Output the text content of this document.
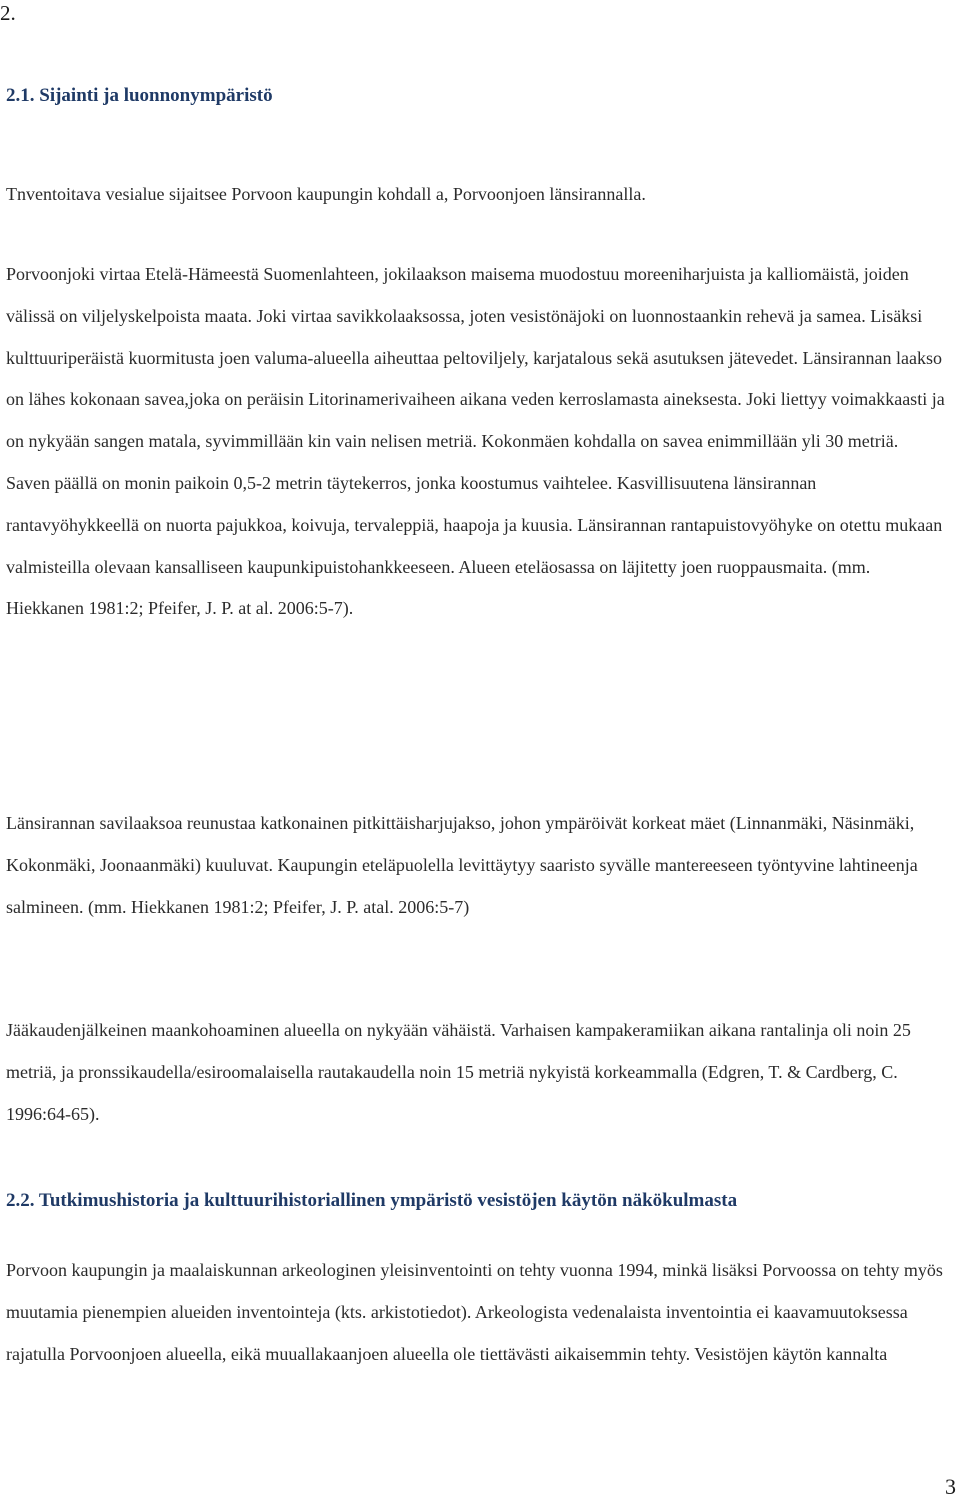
2.
2.1. Sijainti ja luonnonympäristö

Tnventoitava vesialue sijaitsee Porvoon kaupungin kohdall a, Porvoonjoen länsirannalla.

Porvoonjoki virtaa Etelä-Hämeestä Suomenlahteen, jokilaakson maisema muodostuu moreeniharjuista ja kalliomäistä, joiden välissä on viljelyskelpoista maata. Joki virtaa savikkolaaksossa, joten vesistönäjoki on luonnostaankin rehevä ja samea. Lisäksi kulttuuriperäistä kuormitusta joen valuma-alueella aiheuttaa peltoviljely, karjatalous sekä asutuksen jätevedet. Länsirannan laakso on lähes kokonaan savea,joka on peräisin Litorinamerivaiheen aikana veden kerroslamasta aineksesta. Joki liettyy voimakkaasti ja on nykyään sangen matala, syvimmillään kin vain nelisen metriä. Kokonmäen kohdalla on savea enimmillään yli 30 metriä. Saven päällä on monin paikoin 0,5-2 metrin täytekerros, jonka koostumus vaihtelee. Kasvillisuutena länsirannan rantavyöhykkeellä on nuorta pajukkoa, koivuja, tervaleppiä, haapoja ja kuusia. Länsirannan rantapuistovyöhyke on otettu mukaan valmisteilla olevaan kansalliseen kaupunkipuistohankkeeseen. Alueen eteläosassa on läjitetty joen ruoppausmaita. (mm. Hiekkanen 1981:2; Pfeifer, J. P. at al. 2006:5-7).

Länsirannan savilaaksoa reunustaa katkonainen pitkittäisharjujakso, johon ympäröivät korkeat mäet (Linnanmäki, Näsinmäki, Kokonmäki, Joonaanmäki) kuuluvat. Kaupungin eteläpuolella levittäytyy saaristo syvälle mantereeseen työntyvine lahtineenja salmineen. (mm. Hiekkanen 1981:2; Pfeifer, J. P. atal. 2006:5-7)

Jääkaudenjälkeinen maankohoaminen alueella on nykyään vähäistä. Varhaisen kampakeramiikan aikana rantalinja oli noin 25 metriä, ja pronssikaudella/esiroomalaisella rautakaudella noin 15 metriä nykyistä korkeammalla (Edgren, T. & Cardberg, C. 1996:64-65).

2.2. Tutkimushistoria ja kulttuurihistoriallinen ympäristö vesistöjen käytön näkökulmasta

Porvoon kaupungin ja maalaiskunnan arkeologinen yleisinventointi on tehty vuonna 1994, minkä lisäksi Porvoossa on tehty myös muutamia pienempien alueiden inventointeja (kts. arkistotiedot). Arkeologista vedenalaista inventointia ei kaavamuutoksessa rajatulla Porvoonjoen alueella, eikä muuallakaanjoen alueella ole tiettävästi aikaisemmin tehty. Vesistöjen käytön kannalta

3
